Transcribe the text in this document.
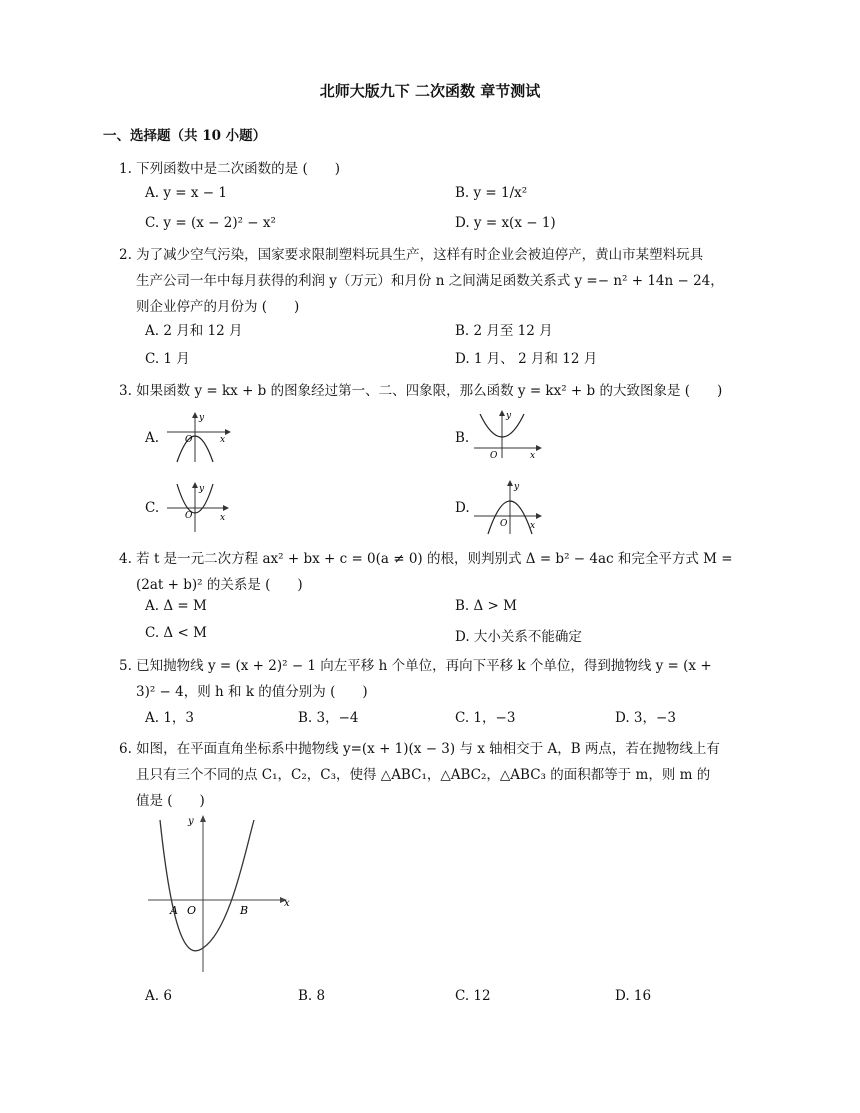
北师大版九下 二次函数 章节测试
一、选择题（共 10 小题）
1. 下列函数中是二次函数的是 (　　)
A. y = x − 1	B. y = 1/x²
C. y = (x − 2)² − x²	D. y = x(x − 1)
2. 为了减少空气污染，国家要求限制塑料玩具生产，这样有时企业会被迫停产，黄山市某塑料玩具
生产公司一年中每月获得的利润 y（万元）和月份 n 之间满足函数关系式 y =− n² + 14n − 24，
则企业停产的月份为 (　　)
A. 2 月和 12 月	B. 2 月至 12 月
C. 1 月	D. 1 月、 2 月和 12 月
3. 如果函数 y = kx + b 的图象经过第一、二、四象限，那么函数 y = kx² + b 的大致图象是 (　　)
A.
y
x
O	B.
y
x
O
C.
y
x
O	D.
y
x
O
4. 若 t 是一元二次方程 ax² + bx + c = 0(a ≠ 0) 的根，则判别式 Δ = b² − 4ac 和完全平方式 M =
(2at + b)² 的关系是 (　　)
A. Δ = M	B. Δ > M
C. Δ < M	D. 大小关系不能确定
5. 已知抛物线 y = (x + 2)² − 1 向左平移 h 个单位，再向下平移 k 个单位，得到抛物线 y = (x +
3)² − 4，则 h 和 k 的值分别为 (　　)
A. 1，3	B. 3，−4	C. 1，−3	D. 3，−3
6. 如图，在平面直角坐标系中抛物线 y=(x + 1)(x − 3) 与 x 轴相交于 A，B 两点，若在抛物线上有
且只有三个不同的点 C₁，C₂，C₃，使得 △ABC₁，△ABC₂，△ABC₃ 的面积都等于 m，则 m 的
值是 (　　)
y
x
A O	B
A. 6	B. 8	C. 12	D. 16
